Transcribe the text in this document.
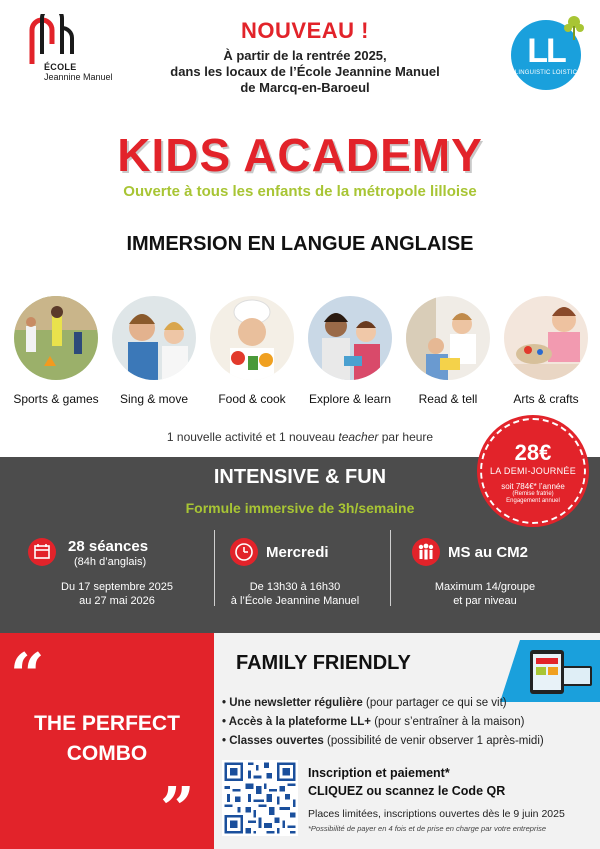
ÉCOLE
Jeannine Manuel
NOUVEAU !
À partir de la rentrée 2025,
dans les locaux de l’École Jeannine Manuel
de Marcq-en-Baroeul
LL
LINGUISTIC LOISTIC
KIDS ACADEMY
Ouverte à tous les enfants de la métropole lilloise
IMMERSION EN LANGUE ANGLAISE
Sports & games	Sing & move	Food & cook	Explore & learn	Read & tell	Arts & crafts
1 nouvelle activité et 1 nouveau teacher par heure
INTENSIVE & FUN
Formule immersive de 3h/semaine
28€
LA DEMI-JOURNÉE
soit 784€* l’année
(Remise fratrie)
Engagement annuel
28 séances
(84h d’anglais)
Du 17 septembre 2025
au 27 mai 2026
Mercredi
De 13h30 à 16h30
à l’École Jeannine Manuel
MS au CM2
Maximum 14/groupe
et par niveau
“
THE PERFECT
COMBO
”
FAMILY FRIENDLY
• Une newsletter régulière (pour partager ce qui se vit)
• Accès à la plateforme LL+ (pour s’entraîner à la maison)
• Classes ouvertes (possibilité de venir observer 1 après-midi)
Inscription et paiement*
CLIQUEZ ou scannez le Code QR
Places limitées, inscriptions ouvertes dès le 9 juin 2025
*Possibilité de payer en 4 fois et de prise en charge par votre entreprise
